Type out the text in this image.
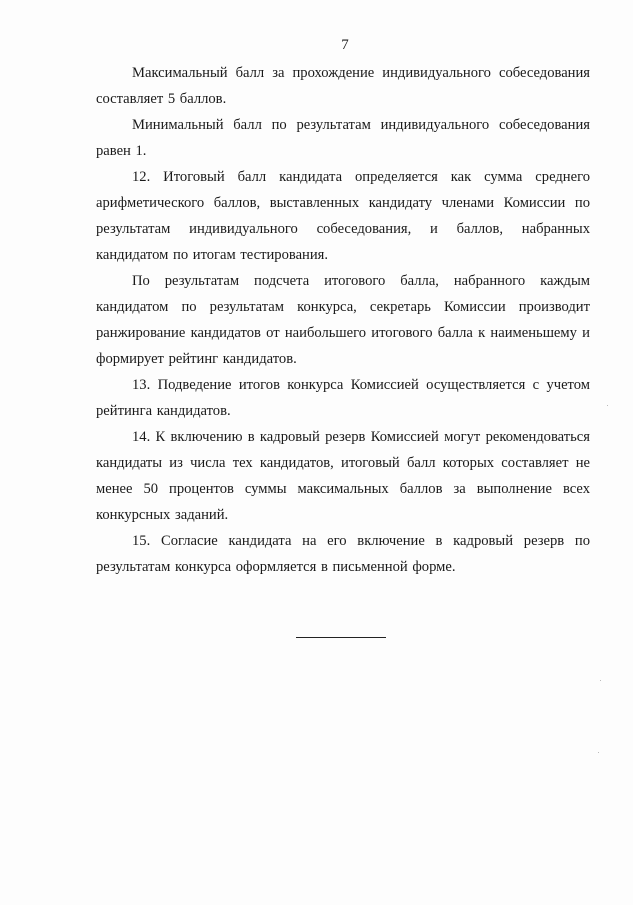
7

Максимальный балл за прохождение индивидуального собеседования составляет 5 баллов.

Минимальный балл по результатам индивидуального собеседования равен 1.

12. Итоговый балл кандидата определяется как сумма среднего арифметического баллов, выставленных кандидату членами Комиссии по результатам индивидуального собеседования, и баллов, набранных кандидатом по итогам тестирования.

По результатам подсчета итогового балла, набранного каждым кандидатом по результатам конкурса, секретарь Комиссии производит ранжирование кандидатов от наибольшего итогового балла к наименьшему и формирует рейтинг кандидатов.

13. Подведение итогов конкурса Комиссией осуществляется с учетом рейтинга кандидатов.

14. К включению в кадровый резерв Комиссией могут рекомендоваться кандидаты из числа тех кандидатов, итоговый балл которых составляет не менее 50 процентов суммы максимальных баллов за выполнение всех конкурсных заданий.

15. Согласие кандидата на его включение в кадровый резерв по результатам конкурса оформляется в письменной форме.
